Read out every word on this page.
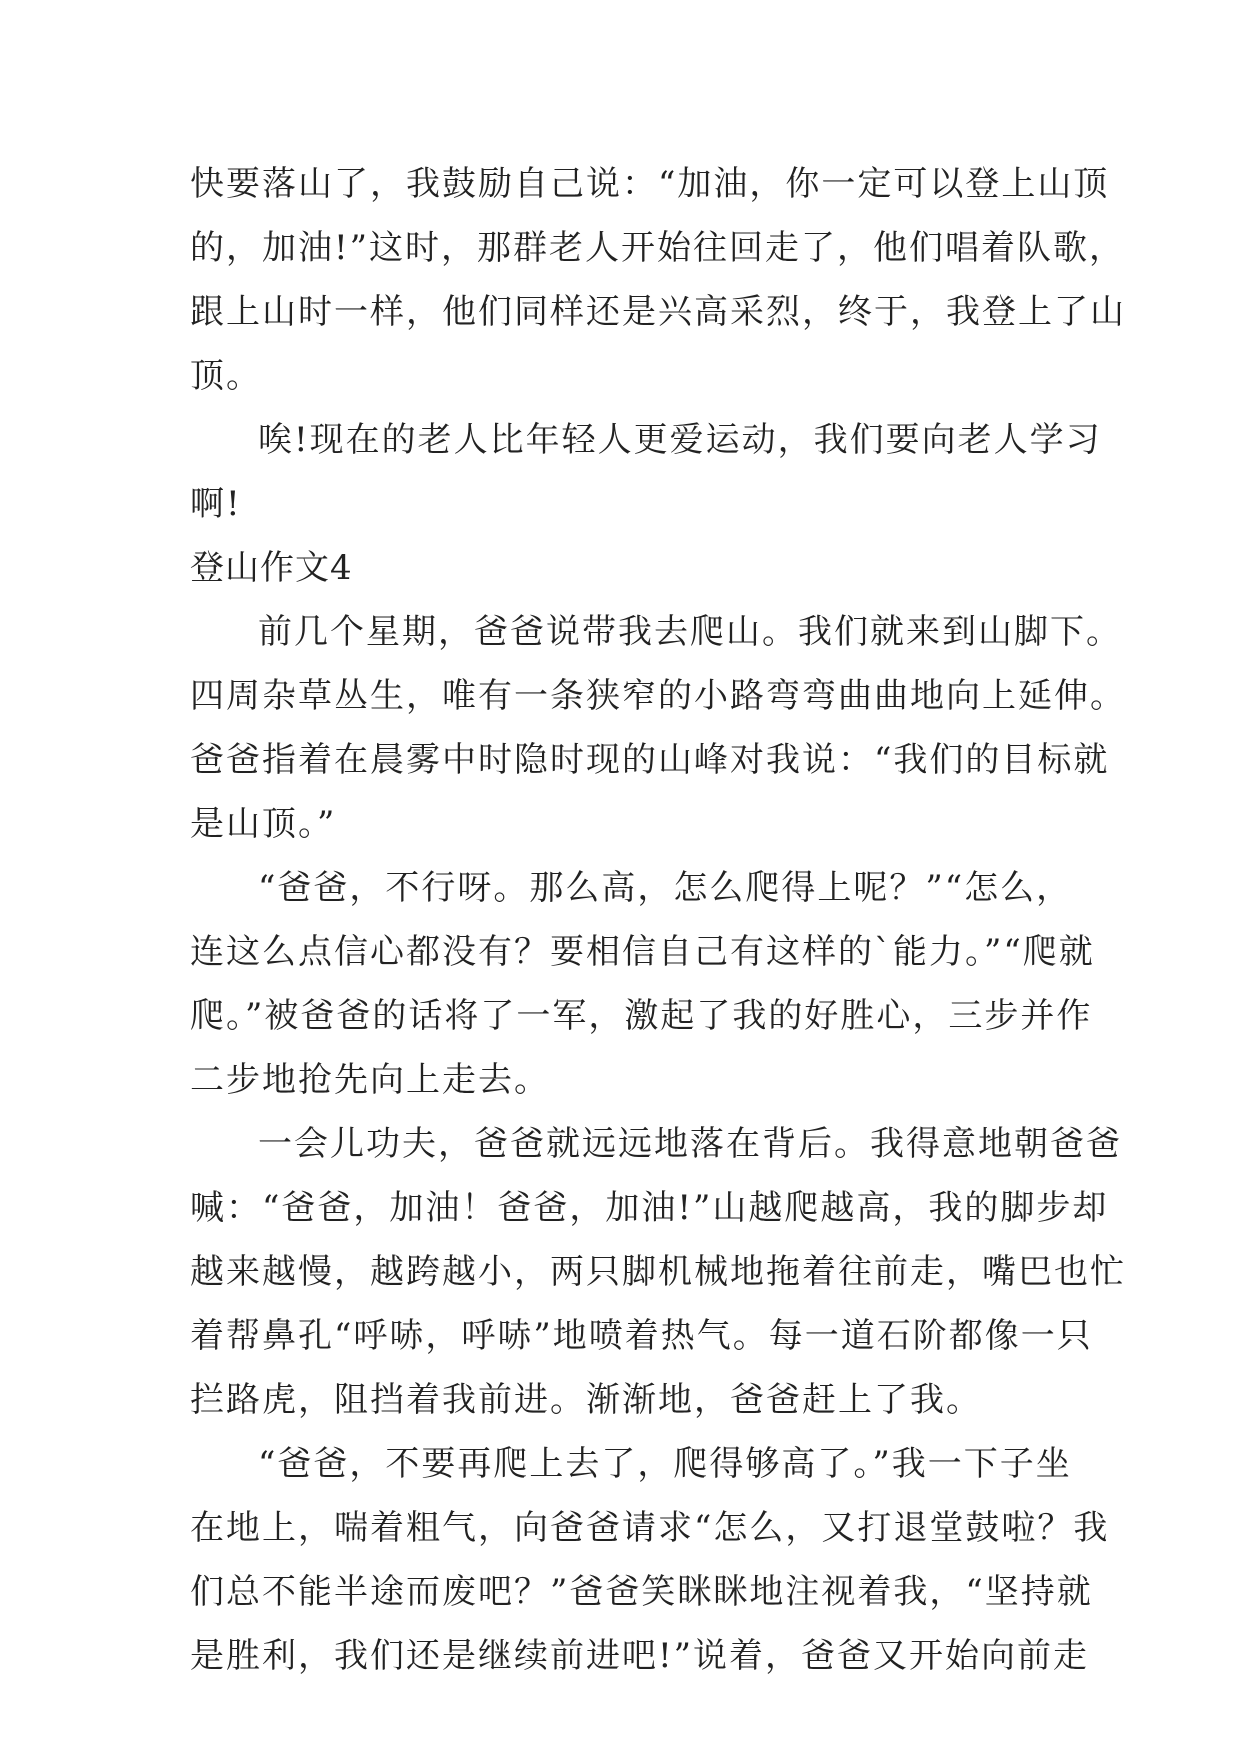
快要落山了，我鼓励自己说：“加油，你一定可以登上山顶
的，加油!”这时，那群老人开始往回走了，他们唱着队歌，
跟上山时一样，他们同样还是兴高采烈，终于，我登上了山
顶。
唉!现在的老人比年轻人更爱运动，我们要向老人学习
啊!
登山作文4
前几个星期，爸爸说带我去爬山。我们就来到山脚下。
四周杂草丛生，唯有一条狭窄的小路弯弯曲曲地向上延伸。
爸爸指着在晨雾中时隐时现的山峰对我说：“我们的目标就
是山顶。”
“爸爸，不行呀。那么高，怎么爬得上呢？”“怎么，
连这么点信心都没有？要相信自己有这样的`能力。”“爬就
爬。”被爸爸的话将了一军，激起了我的好胜心，三步并作
二步地抢先向上走去。
一会儿功夫，爸爸就远远地落在背后。我得意地朝爸爸
喊：“爸爸，加油！爸爸，加油!”山越爬越高，我的脚步却
越来越慢，越跨越小，两只脚机械地拖着往前走，嘴巴也忙
着帮鼻孔“呼哧，呼哧”地喷着热气。每一道石阶都像一只
拦路虎，阻挡着我前进。渐渐地，爸爸赶上了我。
“爸爸，不要再爬上去了，爬得够高了。”我一下子坐
在地上，喘着粗气，向爸爸请求“怎么，又打退堂鼓啦？我
们总不能半途而废吧？”爸爸笑眯眯地注视着我，“坚持就
是胜利，我们还是继续前进吧!”说着，爸爸又开始向前走
